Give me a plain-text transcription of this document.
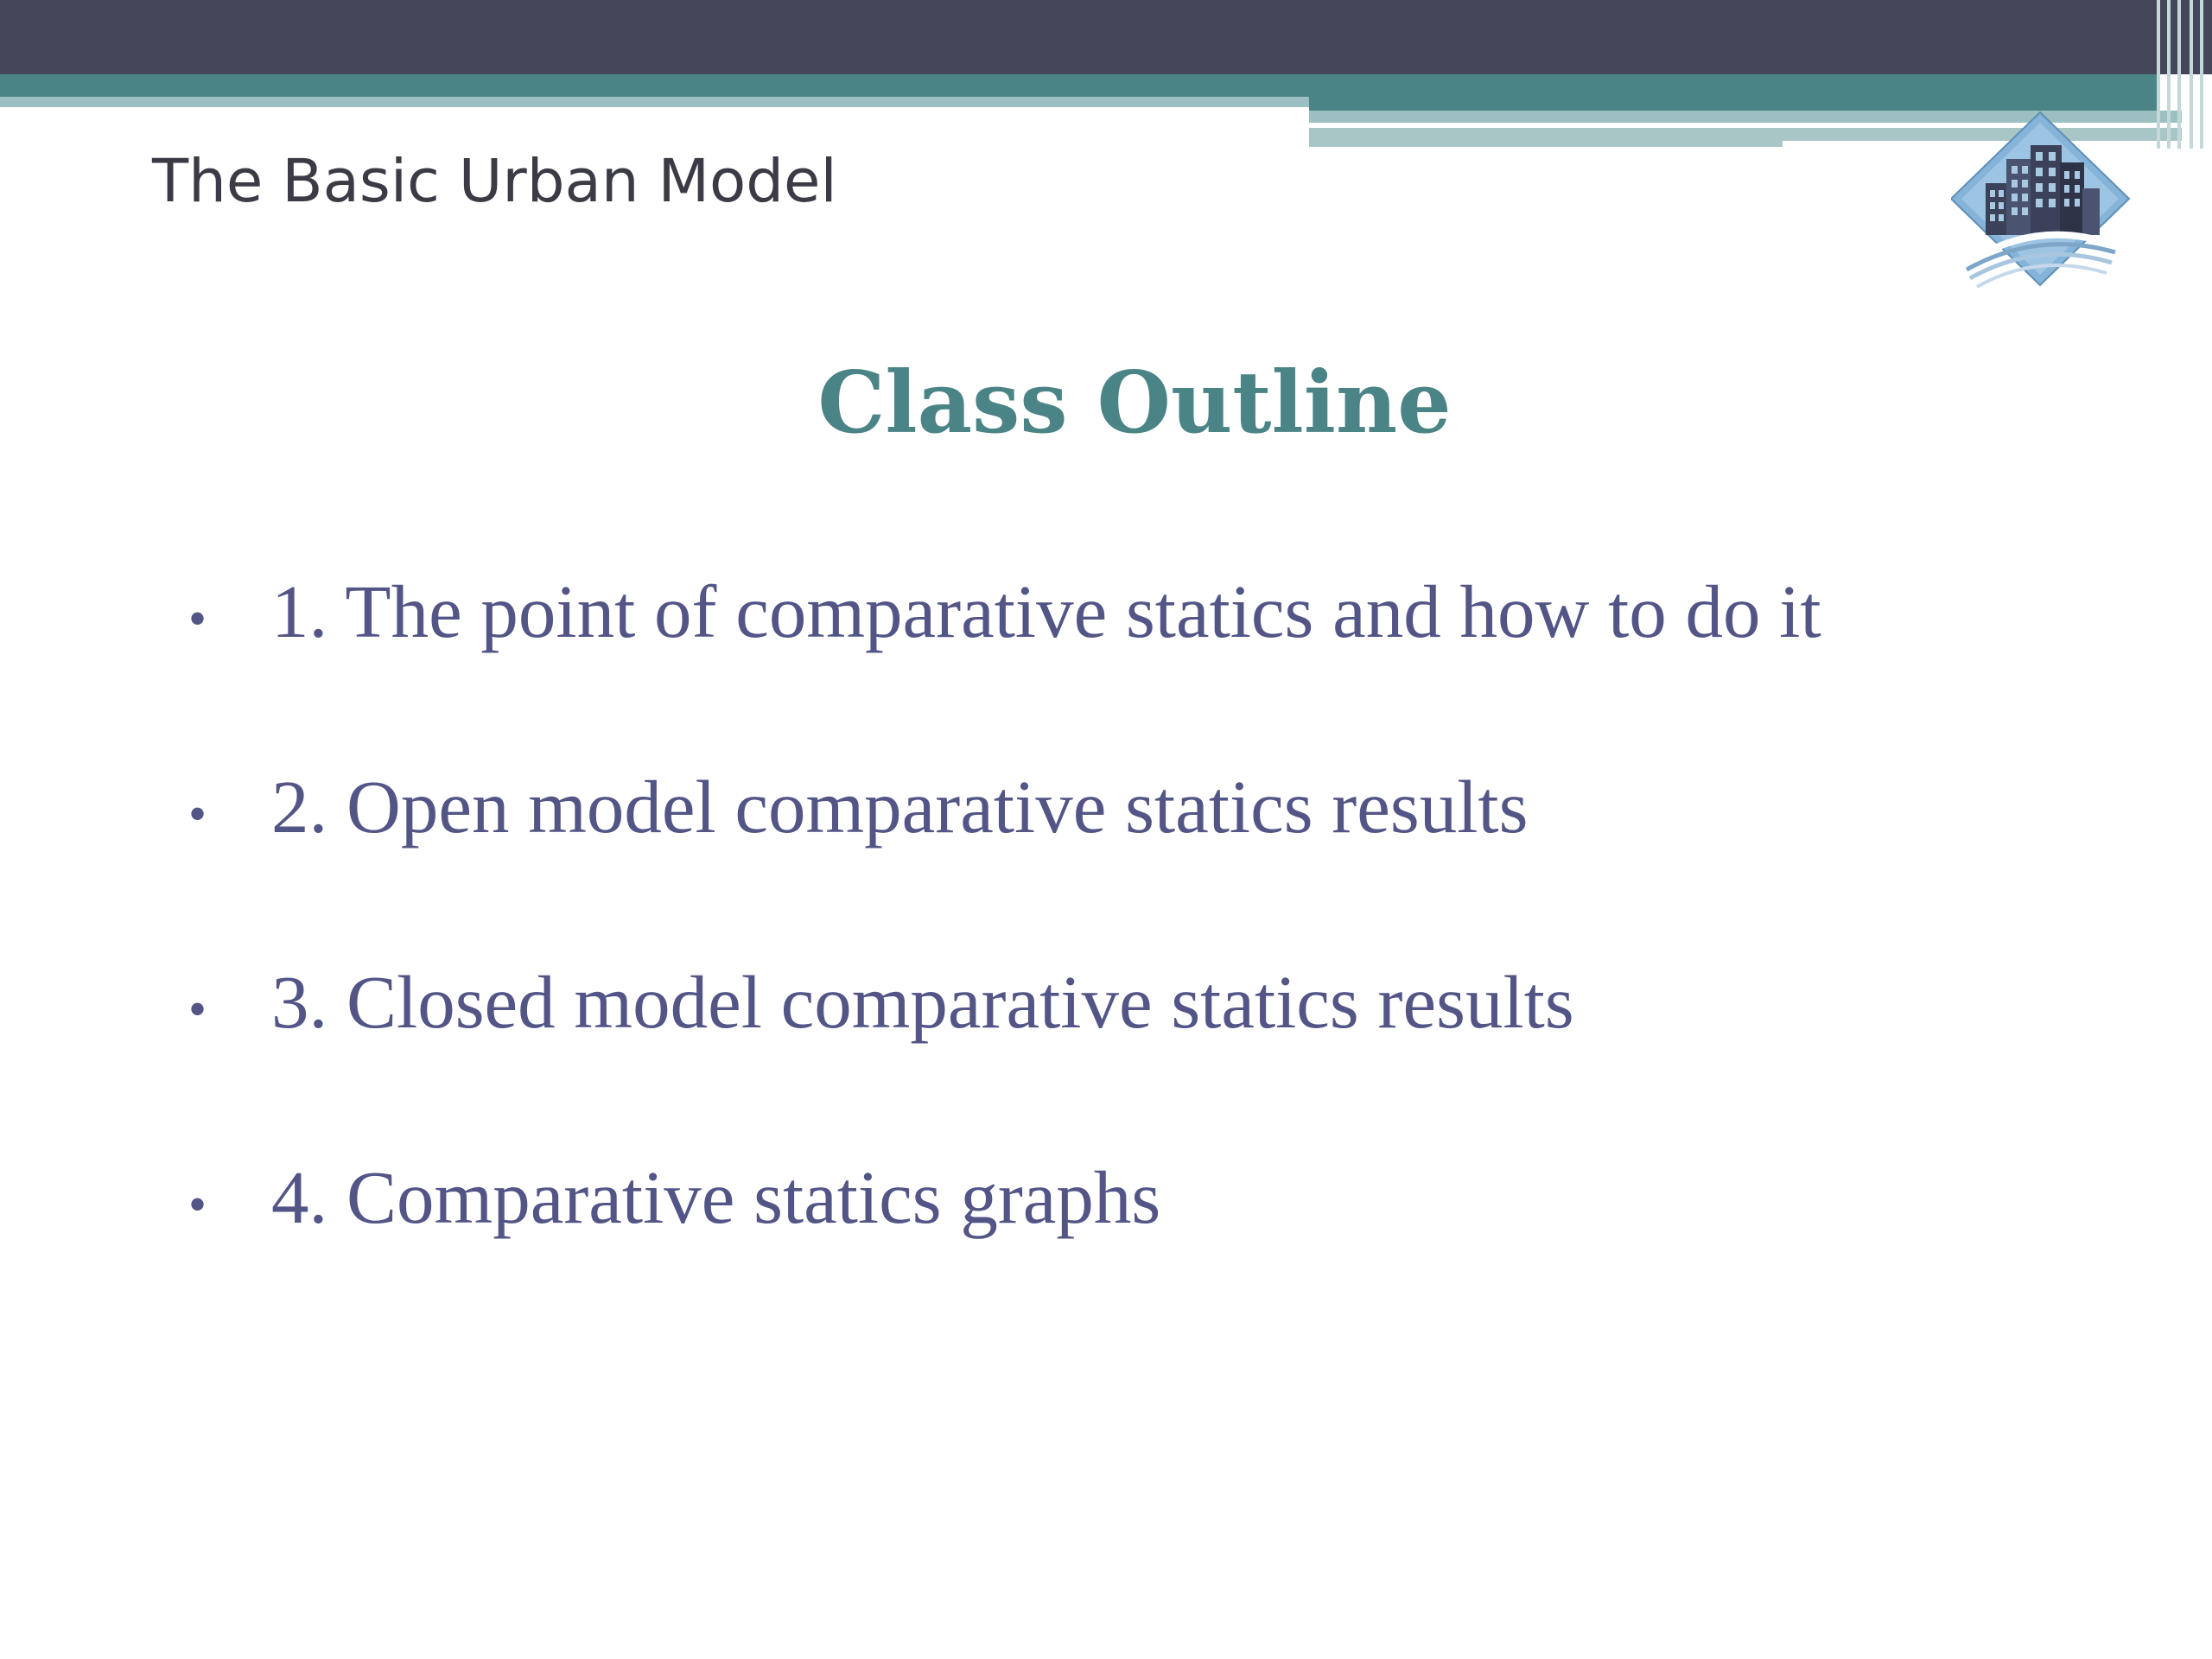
The Basic Urban Model
Class Outline
• 1. The point of comparative statics and how to do it
• 2. Open model comparative statics results
• 3. Closed model comparative statics results
• 4. Comparative statics graphs
